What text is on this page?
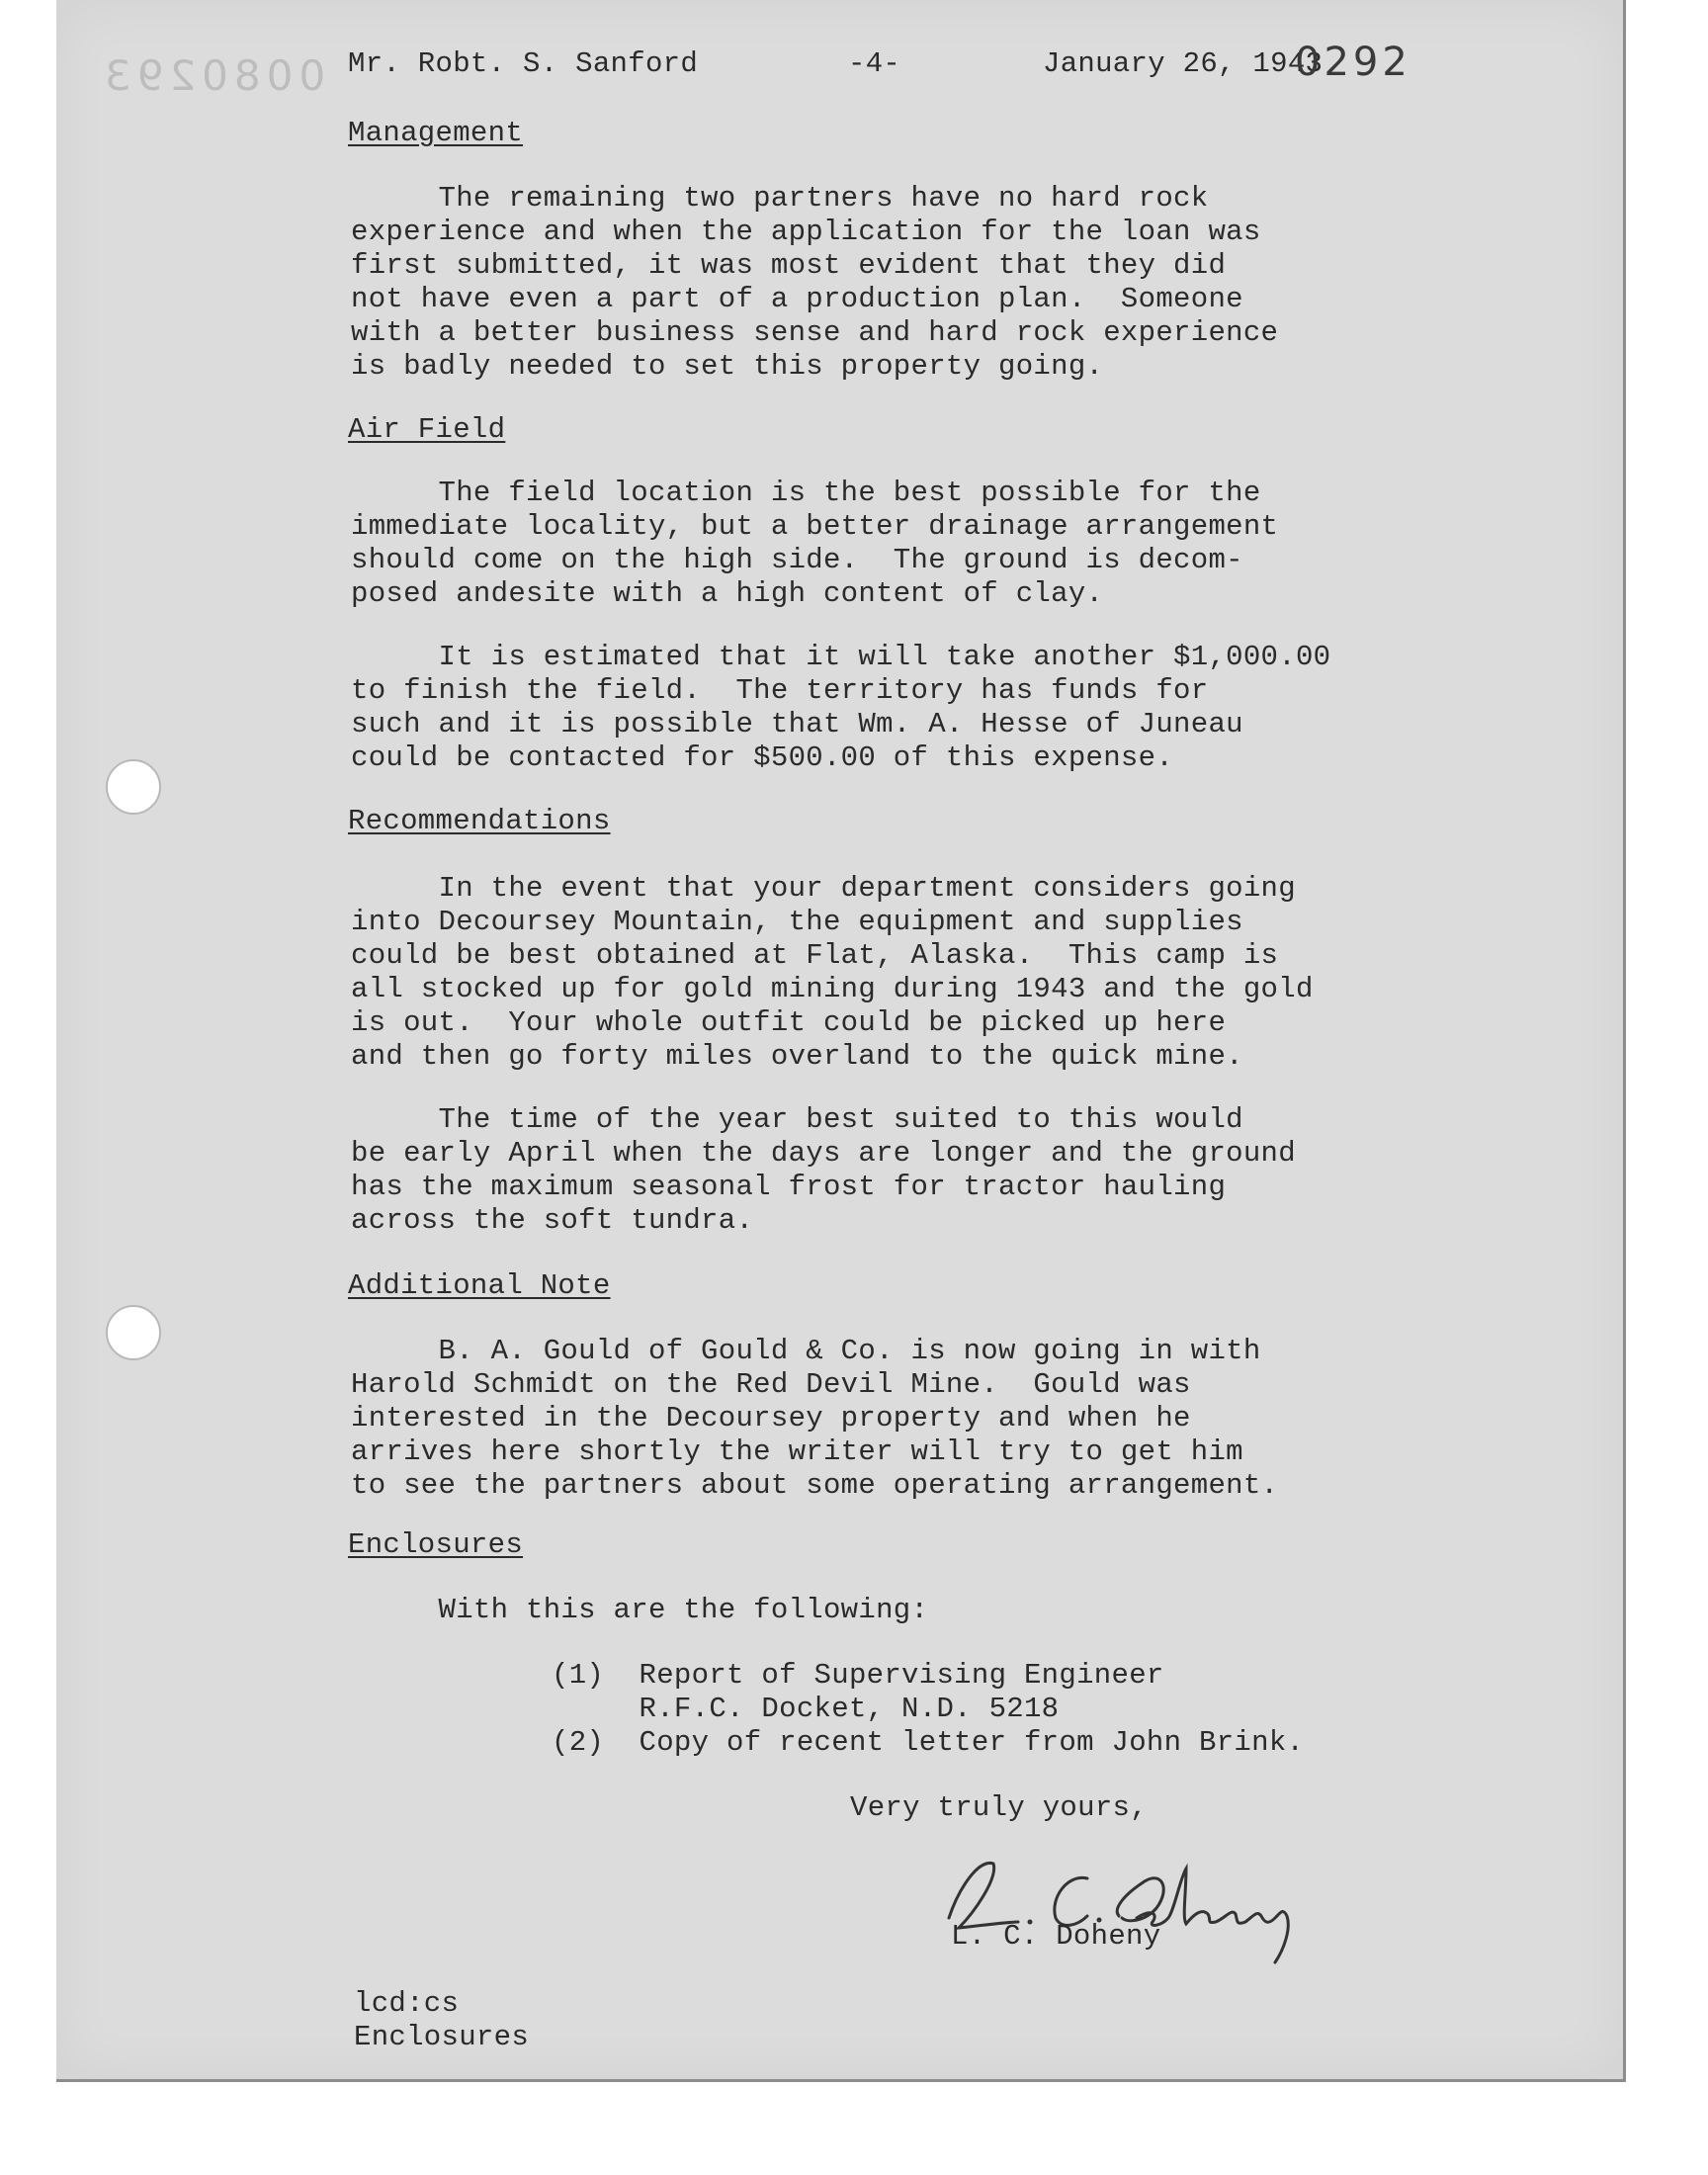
0080293 Mr. Robt. S. Sanford	-4-	January 26, 1943

0292

Management

The remaining two partners have no hard rock

experience and when the application for the loan was

first submitted, it was most evident that they did

not have even a part of a production plan.  Someone

with a better business sense and hard rock experience

is badly needed to set this property going.

Air Field

The field location is the best possible for the

immediate locality, but a better drainage arrangement

should come on the high side.  The ground is decom-

posed andesite with a high content of clay.

It is estimated that it will take another $1,000.00

to finish the field.  The territory has funds for

such and it is possible that Wm. A. Hesse of Juneau

could be contacted for $500.00 of this expense.

Recommendations

In the event that your department considers going

into Decoursey Mountain, the equipment and supplies

could be best obtained at Flat, Alaska.  This camp is

all stocked up for gold mining during 1943 and the gold

is out.  Your whole outfit could be picked up here

and then go forty miles overland to the quick mine.

The time of the year best suited to this would

be early April when the days are longer and the ground

has the maximum seasonal frost for tractor hauling

across the soft tundra.

Additional Note

B. A. Gould of Gould & Co. is now going in with

Harold Schmidt on the Red Devil Mine.  Gould was

interested in the Decoursey property and when he

arrives here shortly the writer will try to get him

to see the partners about some operating arrangement.

Enclosures

With this are the following:

(1)  Report of Supervising Engineer

R.F.C. Docket, N.D. 5218

(2)  Copy of recent letter from John Brink.

Very truly yours,

L. C. Doheny

lcd:cs

Enclosures
